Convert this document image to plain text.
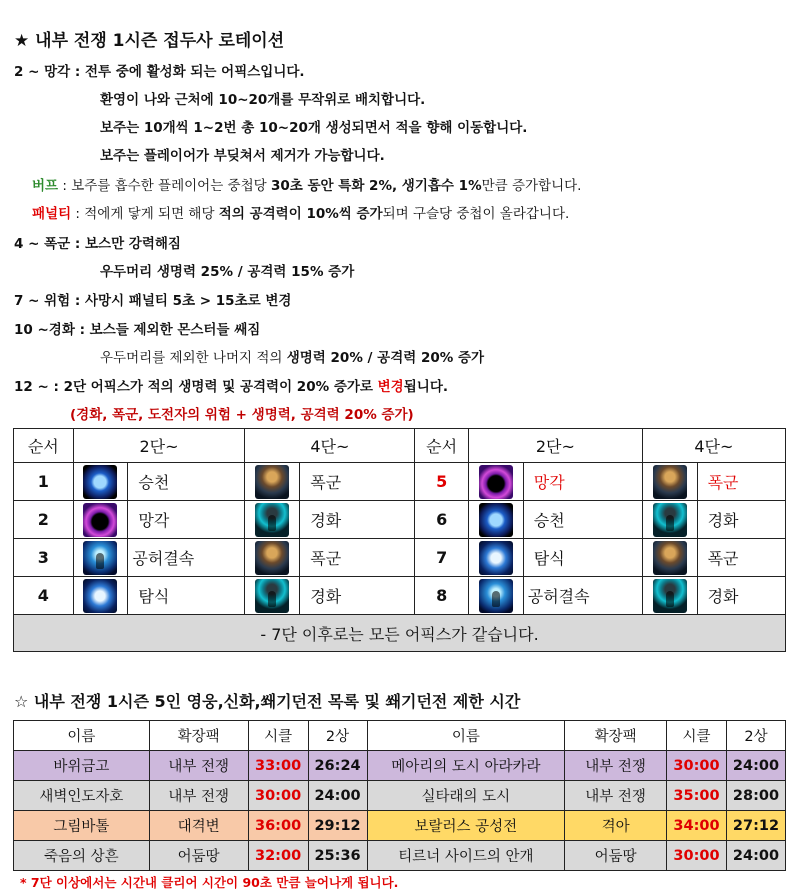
★ 내부 전쟁 1시즌 접두사 로테이션
2 ~ 망각 : 전투 중에 활성화 되는 어픽스입니다.
환영이 나와 근처에 10~20개를 무작위로 배치합니다.
보주는 10개씩 1~2번 총 10~20개 생성되면서 적을 향해 이동합니다.
보주는 플레이어가 부딪쳐서 제거가 가능합니다.
버프 : 보주를 흡수한 플레이어는 중첩당 30초 동안 특화 2%, 생기흡수 1%만큼 증가합니다.
패널티 : 적에게 닿게 되면 해당 적의 공격력이 10%씩 증가되며 구슬당 중첩이 올라갑니다.
4 ~ 폭군 : 보스만 강력해짐
우두머리 생명력 25% / 공격력 15% 증가
7 ~ 위험 : 사망시 패널티 5초 > 15초로 변경
10 ~경화 : 보스들 제외한 몬스터들 쌔짐
우두머리를 제외한 나머지 적의 생명력 20% / 공격력 20% 증가
12 ~ : 2단 어픽스가 적의 생명력 및 공격력이 20% 증가로 변경됩니다.
(경화, 폭군, 도전자의 위험 + 생명력, 공격력 20% 증가)
순서	2단~		4단~		순서	2단~		4단~	
1		승천		폭군	5		망각		폭군
2		망각		경화	6		승천		경화
3		공허결속		폭군	7		탐식		폭군
4		탐식		경화	8		공허결속		경화
- 7단 이후로는 모든 어픽스가 같습니다.									
☆ 내부 전쟁 1시즌 5인 영웅,신화,쐐기던전 목록 및 쐐기던전 제한 시간
이름	확장팩	시클	2상	이름	확장팩	시클	2상
바위금고	내부 전쟁	33:00	26:24	메아리의 도시 아라카라	내부 전쟁	30:00	24:00
새벽인도자호	내부 전쟁	30:00	24:00	실타래의 도시	내부 전쟁	35:00	28:00
그림바톨	대격변	36:00	29:12	보랄러스 공성전	격아	34:00	27:12
죽음의 상흔	어둠땅	32:00	25:36	티르너 사이드의 안개	어둠땅	30:00	24:00
* 7단 이상에서는 시간내 클리어 시간이 90초 만큼 늘어나게 됩니다.
